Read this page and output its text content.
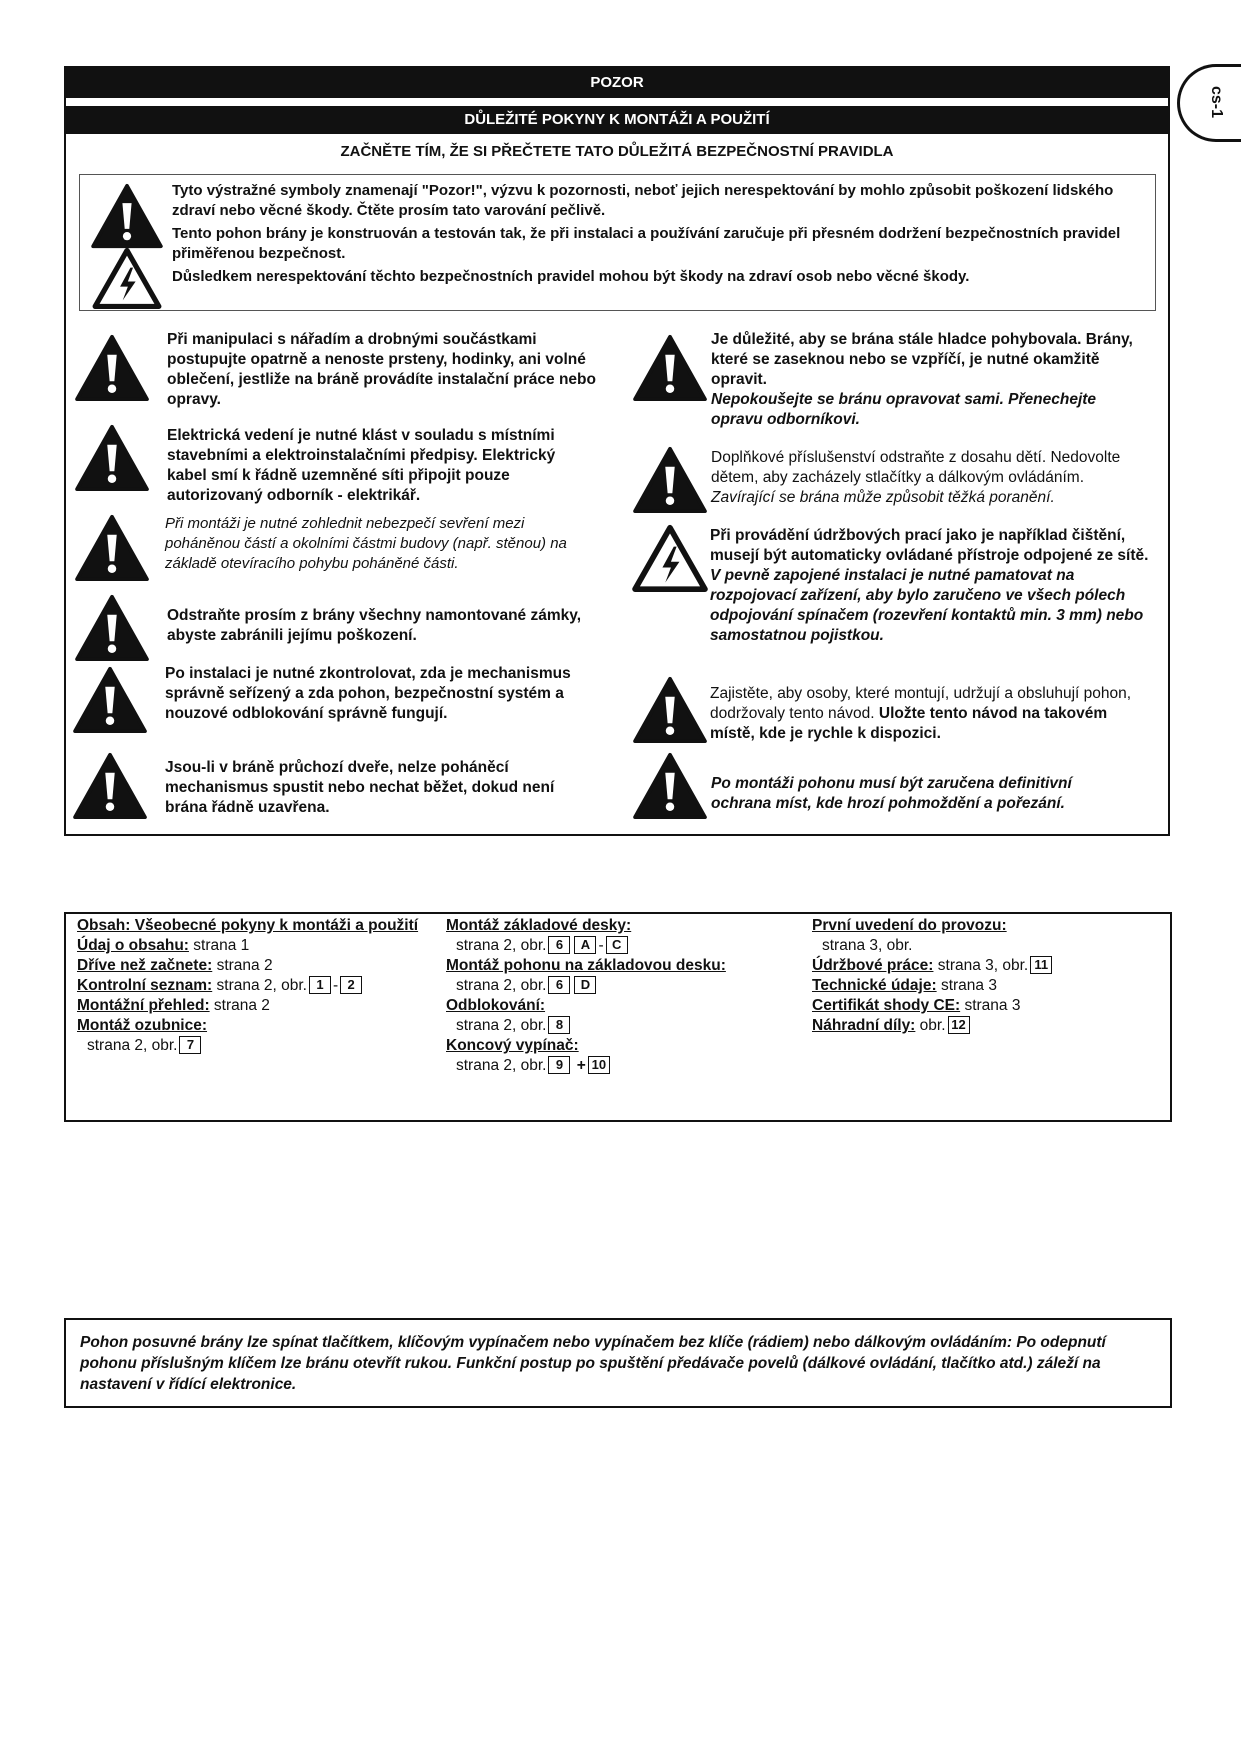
cs-1
POZOR
DŮLEŽITÉ POKYNY K MONTÁŽI A POUŽITÍ
ZAČNĚTE TÍM, ŽE SI PŘEČTETE TATO DŮLEŽITÁ BEZPEČNOSTNÍ PRAVIDLA
Tyto výstražné symboly znamenají "Pozor!", výzvu k pozornosti, neboť jejich nerespektování by mohlo způsobit poškození lidského zdraví nebo věcné škody. Čtěte prosím tato varování pečlivě.
Tento pohon brány je konstruován a testován tak, že při instalaci a používání zaručuje při přesném dodržení bezpečnostních pravidel přiměřenou bezpečnost.
Důsledkem nerespektování těchto bezpečnostních pravidel mohou být škody na zdraví osob nebo věcné škody.
Při manipulaci s nářadím a drobnými součástkami postupujte opatrně a nenoste prsteny, hodinky, ani volné oblečení, jestliže na bráně provádíte instalační práce nebo opravy.
Elektrická vedení je nutné klást v souladu s místními stavebními a elektroinstalačními předpisy. Elektrický kabel smí k řádně uzemněné síti připojit pouze autorizovaný odborník - elektrikář.
Při montáži je nutné zohlednit nebezpečí sevření mezi poháněnou částí a okolními částmi budovy (např. stěnou) na základě otevíracího pohybu poháněné části.
Odstraňte prosím z brány všechny namontované zámky, abyste zabránili jejímu poškození.
Po instalaci je nutné zkontrolovat, zda je mechanismus správně seřízený a zda pohon, bezpečnostní systém a nouzové odblokování správně fungují.
Jsou-li v bráně průchozí dveře, nelze poháněcí mechanismus spustit nebo nechat běžet, dokud není brána řádně uzavřena.
Je důležité, aby se brána stále hladce pohybovala. Brány, které se zaseknou nebo se vzpříčí, je nutné okamžitě opravit.
Nepokoušejte se bránu opravovat sami. Přenechejte opravu odborníkovi.
Doplňkové příslušenství odstraňte z dosahu dětí. Nedovolte dětem, aby zacházely stlačítky a dálkovým ovládáním.
Zavírající se brána může způsobit těžká poranění.
Při provádění údržbových prací jako je například čištění, musejí být automaticky ovládané přístroje odpojené ze sítě.
V pevně zapojené instalaci je nutné pamatovat na rozpojovací zařízení, aby bylo zaručeno ve všech pólech odpojování spínačem (rozevření kontaktů min. 3 mm) nebo samostatnou pojistkou.
Zajistěte, aby osoby, které montují, udržují a obsluhují pohon, dodržovaly tento návod. Uložte tento návod na takovém místě, kde je rychle k dispozici.
Po montáži pohonu musí být zaručena definitivní ochrana míst, kde hrozí pohmoždění a pořezání.
Obsah: Všeobecné pokyny k montáži a použití
Údaj o obsahu: strana 1
Dříve než začnete: strana 2
Kontrolní seznam: strana 2, obr. 1 - 2
Montážní přehled: strana 2
Montáž ozubnice:
strana 2, obr. 7
Montáž základové desky:
strana 2, obr. 6 A - C
Montáž pohonu na základovou desku:
strana 2, obr. 6 D
Odblokování:
strana 2, obr. 8
Koncový vypínač:
strana 2, obr. 9 + 10
První uvedení do provozu:
strana 3, obr.
Údržbové práce: strana 3, obr. 11
Technické údaje: strana 3
Certifikát shody CE: strana 3
Náhradní díly: obr. 12
Pohon posuvné brány lze spínat tlačítkem, klíčovým vypínačem nebo vypínačem bez klíče (rádiem) nebo dálkovým ovládáním: Po odepnutí pohonu příslušným klíčem lze bránu otevřít rukou. Funkční postup po spuštění předávače povelů (dálkové ovládání, tlačítko atd.) záleží na nastavení v řídící elektronice.
